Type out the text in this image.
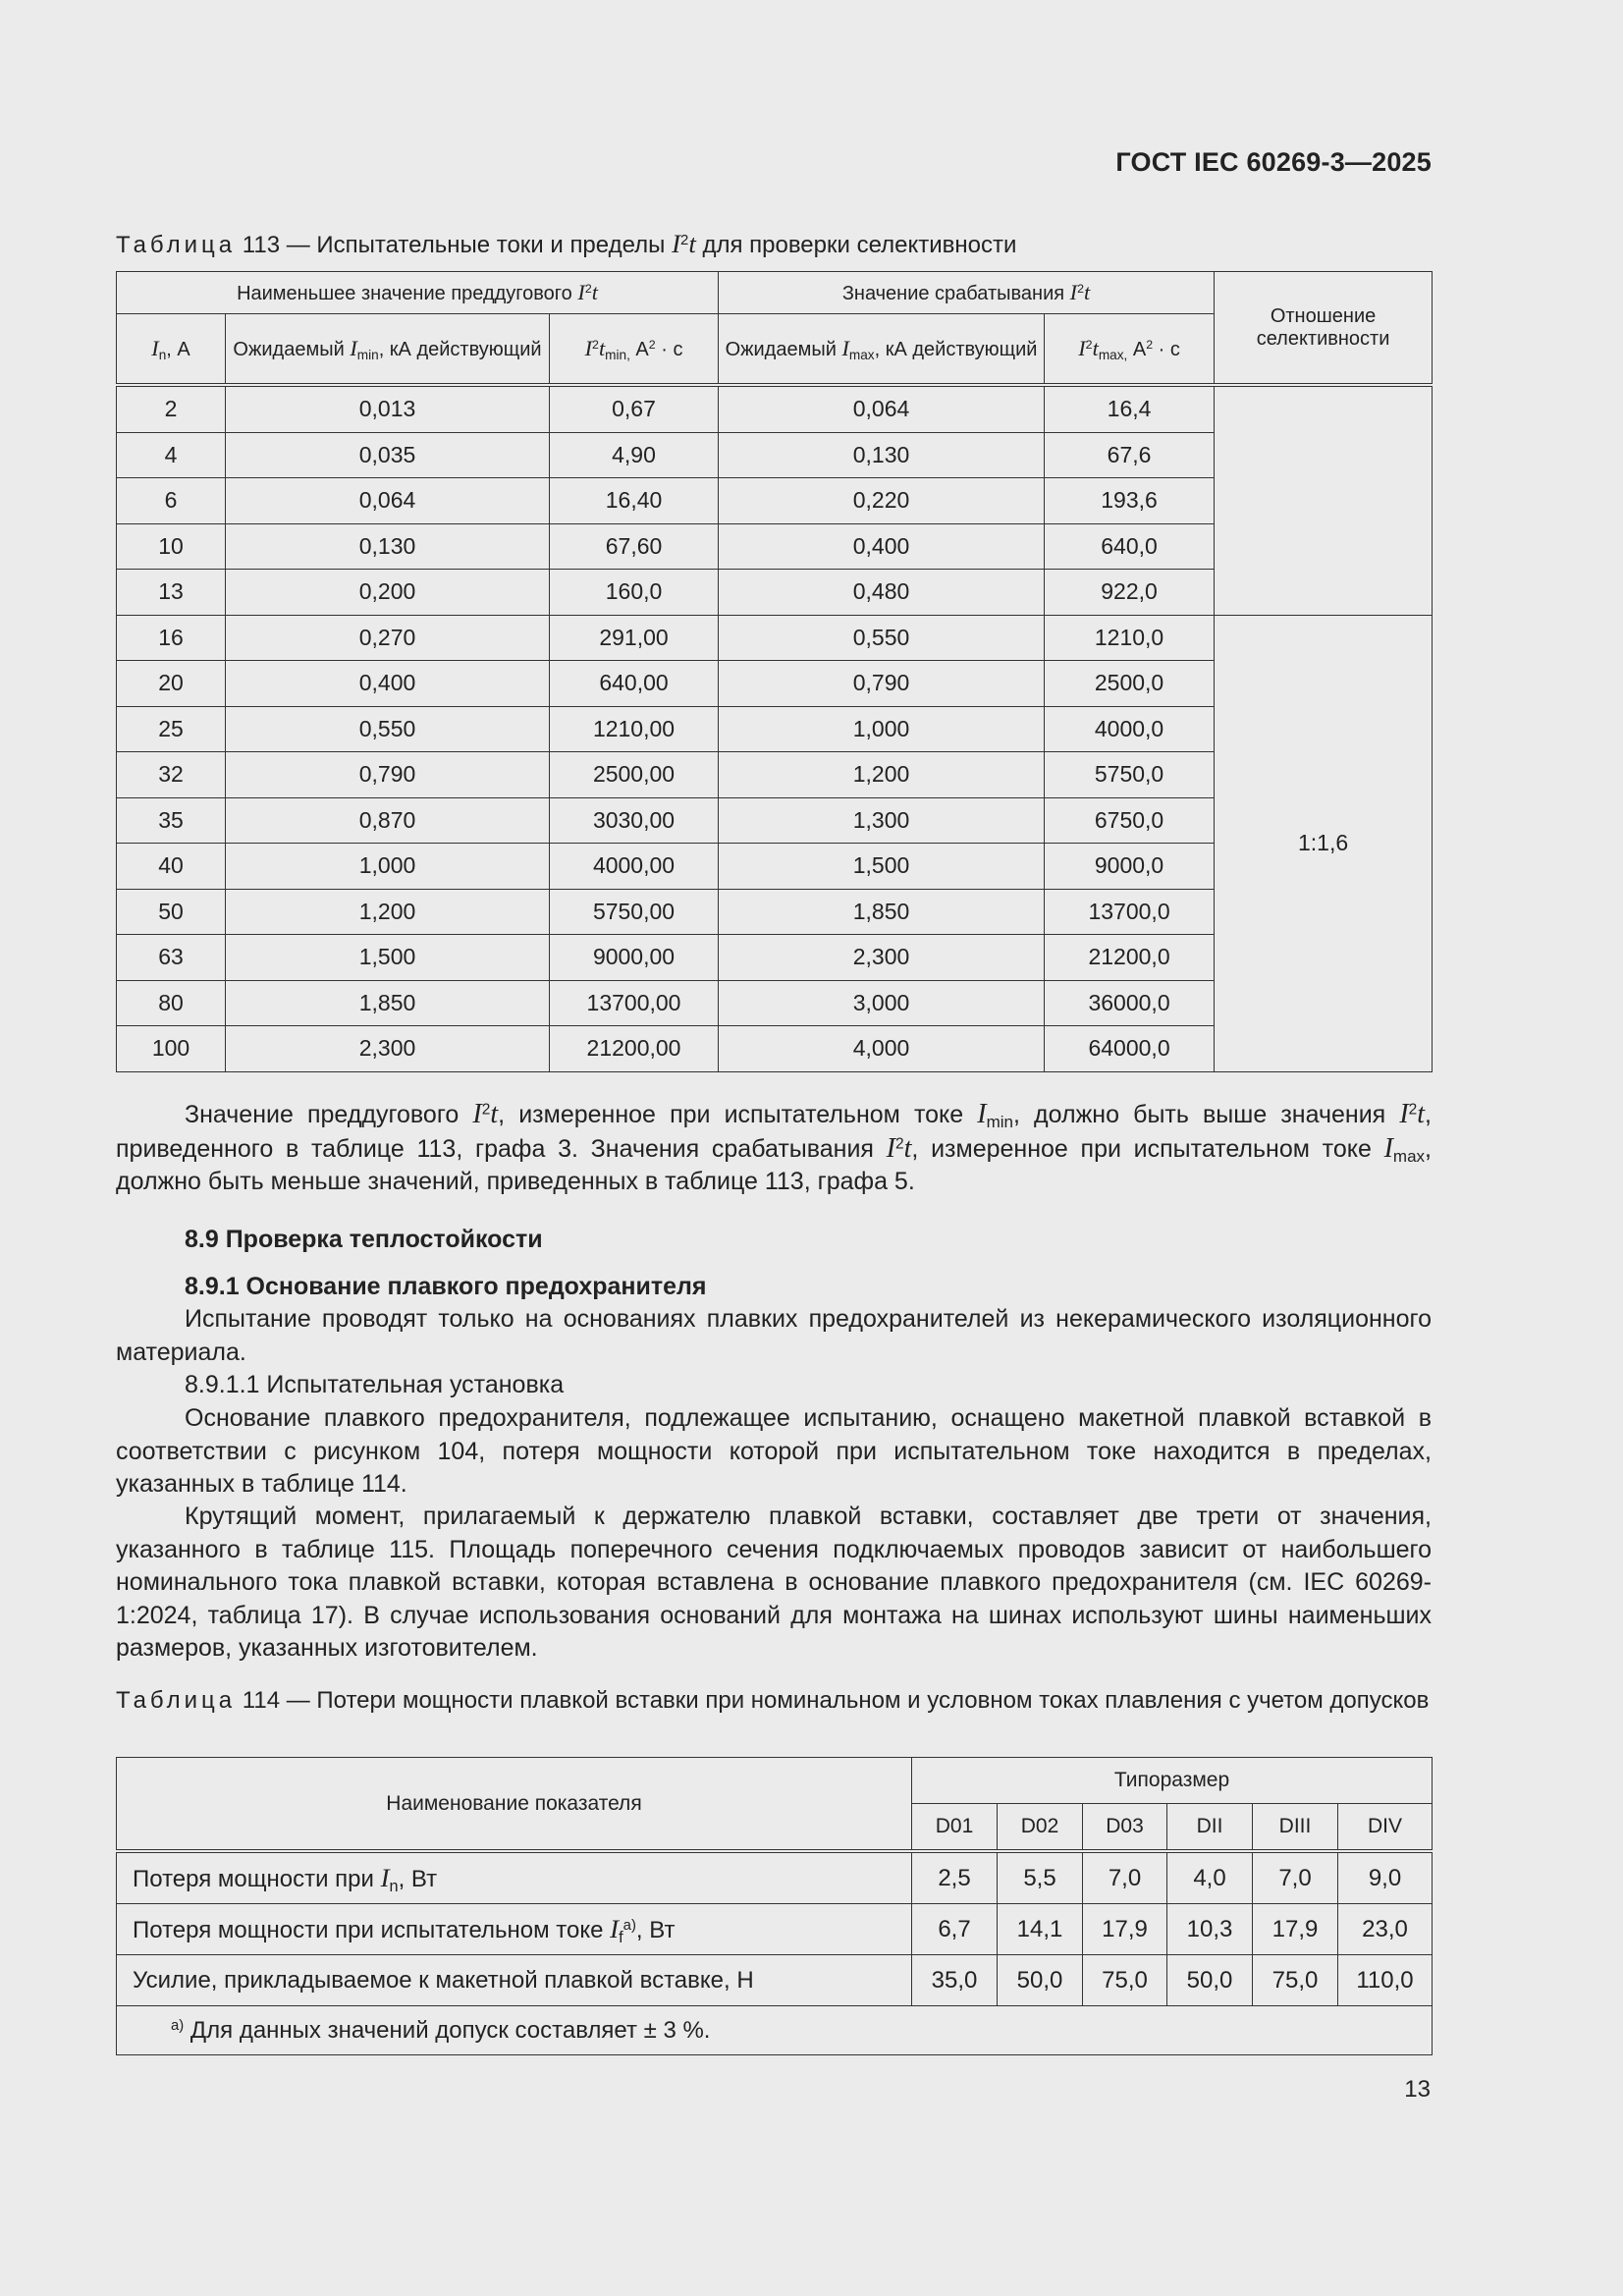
ГОСТ IEC 60269-3—2025
Таблица 113 — Испытательные токи и пределы $I^2t$ для проверки селективности
Наименьшее значение преддугового $I^2t$			Значение срабатывания $I^2t$		Отношение селективности
$I_n$, А	Ожидаемый $I_{min}$, кА действующий	$I^2t_{min,}$ $А^2 \cdot с$	Ожидаемый $I_{max}$, кА действующий	$I^2t_{max,}$ $А^2 \cdot с$	
2	0,013	0,67	0,064	16,4	
4	0,035	4,90	0,130	67,6	
6	0,064	16,40	0,220	193,6	
10	0,130	67,60	0,400	640,0	
13	0,200	160,0	0,480	922,0	
16	0,270	291,00	0,550	1210,0	1:1,6
20	0,400	640,00	0,790	2500,0	
25	0,550	1210,00	1,000	4000,0	
32	0,790	2500,00	1,200	5750,0	
35	0,870	3030,00	1,300	6750,0	
40	1,000	4000,00	1,500	9000,0	
50	1,200	5750,00	1,850	13700,0	
63	1,500	9000,00	2,300	21200,0	
80	1,850	13700,00	3,000	36000,0	
100	2,300	21200,00	4,000	64000,0	

Значение преддугового $I^2t$, измеренное при испытательном токе $I_{min}$, должно быть выше значения $I^2t$, приведенного в таблице 113, графа 3. Значения срабатывания $I^2t$, измеренное при испытательном токе $I_{max}$, должно быть меньше значений, приведенных в таблице 113, графа 5.

8.9 Проверка теплостойкости
8.9.1 Основание плавкого предохранителя

Испытание проводят только на основаниях плавких предохранителей из некерамического изоляционного материала.

8.9.1.1 Испытательная установка

Основание плавкого предохранителя, подлежащее испытанию, оснащено макетной плавкой вставкой в соответствии с рисунком 104, потеря мощности которой при испытательном токе находится в пределах, указанных в таблице 114.

Крутящий момент, прилагаемый к держателю плавкой вставки, составляет две трети от значения, указанного в таблице 115. Площадь поперечного сечения подключаемых проводов зависит от наибольшего номинального тока плавкой вставки, которая вставлена в основание плавкого предохранителя (см. IEC 60269-1:2024, таблица 17). В случае использования оснований для монтажа на шинах используют шины наименьших размеров, указанных изготовителем.

Таблица 114 — Потери мощности плавкой вставки при номинальном и условном токах плавления с учетом допусков
Наименование показателя	Типоразмер					
	D01	D02	D03	DII	DIII	DIV
Потеря мощности при $I_n$, Вт	2,5	5,5	7,0	4,0	7,0	9,0
Потеря мощности при испытательном токе $I_f^{а)}$, Вт	6,7	14,1	17,9	10,3	17,9	23,0
Усилие, прикладываемое к макетной плавкой вставке, Н	35,0	50,0	75,0	50,0	75,0	110,0
$^{а)}$ Для данных значений допуск составляет ± 3 %.						
13
